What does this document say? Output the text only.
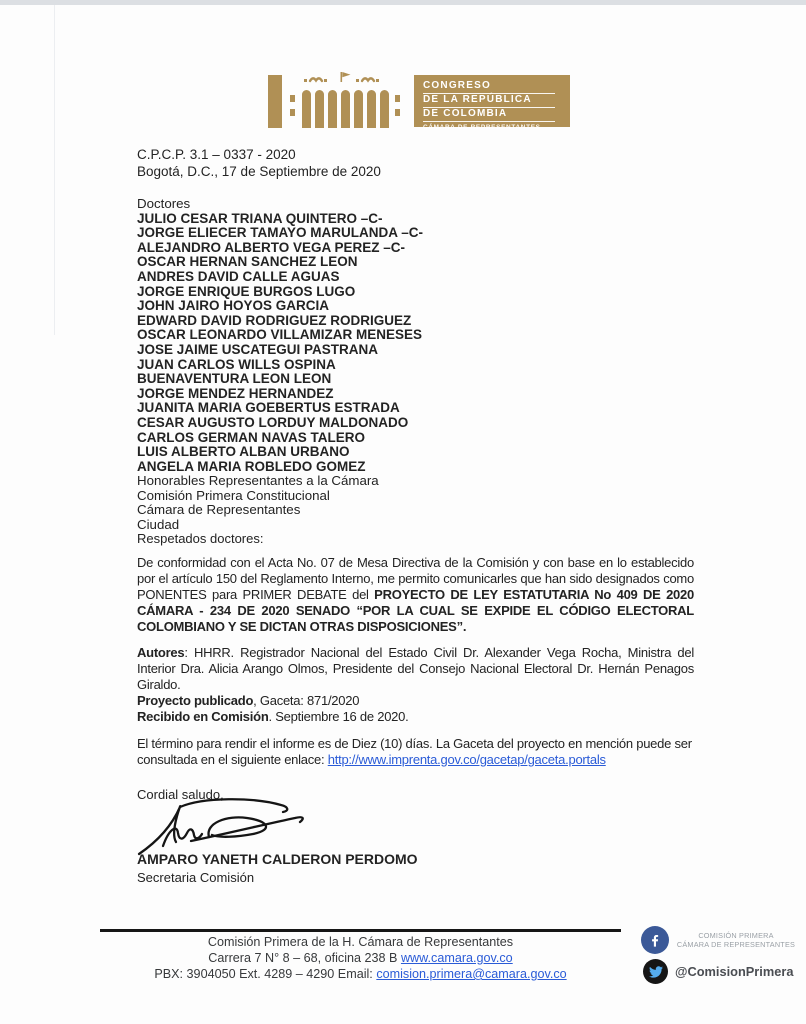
CONGRESO
DE LA REPÚBLICA
DE COLOMBIA
CÁMARA DE REPRESENTANTES
C.P.C.P. 3.1 – 0337 - 2020
Bogotá, D.C., 17 de Septiembre de 2020
Doctores
JULIO CESAR TRIANA QUINTERO –C-
JORGE ELIECER TAMAYO MARULANDA –C-
ALEJANDRO ALBERTO VEGA PEREZ –C-
OSCAR HERNAN SANCHEZ LEON
ANDRES DAVID CALLE AGUAS
JORGE ENRIQUE BURGOS LUGO
JOHN JAIRO HOYOS GARCIA
EDWARD DAVID RODRIGUEZ RODRIGUEZ
OSCAR LEONARDO VILLAMIZAR MENESES
JOSE JAIME USCATEGUI PASTRANA
JUAN CARLOS WILLS OSPINA
BUENAVENTURA LEON LEON
JORGE MENDEZ HERNANDEZ
JUANITA MARIA GOEBERTUS ESTRADA
CESAR AUGUSTO LORDUY MALDONADO
CARLOS GERMAN NAVAS TALERO
LUIS ALBERTO ALBAN URBANO
ANGELA MARIA ROBLEDO GOMEZ
Honorables Representantes a la Cámara
Comisión Primera Constitucional
Cámara de Representantes
Ciudad
Respetados doctores:

De conformidad con el Acta No. 07 de Mesa Directiva de la Comisión y con base en lo establecido por el artículo 150 del Reglamento Interno, me permito comunicarles que han sido designados como PONENTES para PRIMER DEBATE del PROYECTO DE LEY ESTATUTARIA No 409 DE 2020 CÁMARA - 234 DE 2020 SENADO “POR LA CUAL SE EXPIDE EL CÓDIGO ELECTORAL COLOMBIANO Y SE DICTAN OTRAS DISPOSICIONES”.

Autores: HHRR. Registrador Nacional del Estado Civil Dr. Alexander Vega Rocha, Ministra del Interior Dra. Alicia Arango Olmos, Presidente del Consejo Nacional Electoral Dr. Hernán Penagos Giraldo.

Proyecto publicado, Gaceta: 871/2020
Recibido en Comisión. Septiembre 16 de 2020.

El término para rendir el informe es de Diez (10) días. La Gaceta del proyecto en mención puede ser consultada en el siguiente enlace: http://www.imprenta.gov.co/gacetap/gaceta.portals

Cordial saludo,
AMPARO YANETH CALDERON PERDOMO
Secretaria Comisión
Comisión Primera de la H. Cámara de Representantes
Carrera 7 N° 8 – 68, oficina 238 B www.camara.gov.co
PBX: 3904050 Ext. 4289 – 4290 Email: comision.primera@camara.gov.co
COMISIÓN PRIMERA
CÁMARA DE REPRESENTANTES
@ComisionPrimera
